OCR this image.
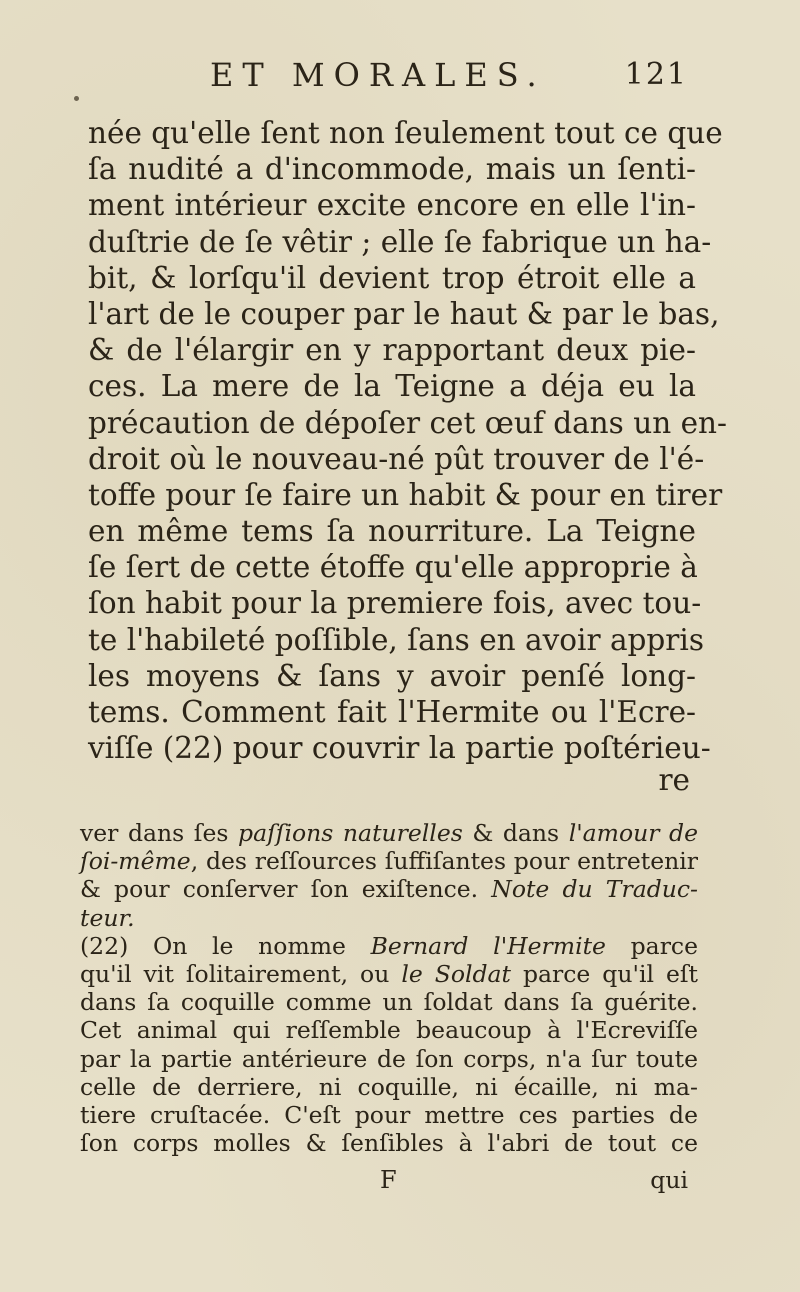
ET MORALES.	121
née qu'elle ſent non ſeulement tout ce que
ſa nudité a d'incommode, mais un ſenti-
ment intérieur excite encore en elle l'in-
duſtrie de ſe vêtir ; elle ſe fabrique un ha-
bit, & lorſqu'il devient trop étroit elle a
l'art de le couper par le haut & par le bas,
& de l'élargir en y rapportant deux pie-
ces. La mere de la Teigne a déja eu la
précaution de dépoſer cet œuf dans un en-
droit où le nouveau-né pût trouver de l'é-
toffe pour ſe faire un habit & pour en tirer
en même tems ſa nourriture. La Teigne
ſe ſert de cette étoffe qu'elle approprie à
ſon habit pour la premiere fois, avec tou-
te l'habileté poſſible, ſans en avoir appris
les moyens & ſans y avoir penſé long-
tems. Comment fait l'Hermite ou l'Ecre-
viſſe (22) pour couvrir la partie poſtérieu-
re
ver dans ſes paſſions naturelles & dans l'amour de
ſoi-même, des reſſources ſuffiſantes pour entretenir
& pour conſerver ſon exiſtence. Note du Traduc-
teur.
(22) On le nomme Bernard l'Hermite parce
qu'il vit ſolitairement, ou le Soldat parce qu'il eſt
dans ſa coquille comme un ſoldat dans ſa guérite.
Cet animal qui reſſemble beaucoup à l'Ecreviſſe
par la partie antérieure de ſon corps, n'a ſur toute
celle de derriere, ni coquille, ni écaille, ni ma-
tiere cruſtacée. C'eſt pour mettre ces parties de
ſon corps molles & ſenſibles à l'abri de tout ce
F	qui
